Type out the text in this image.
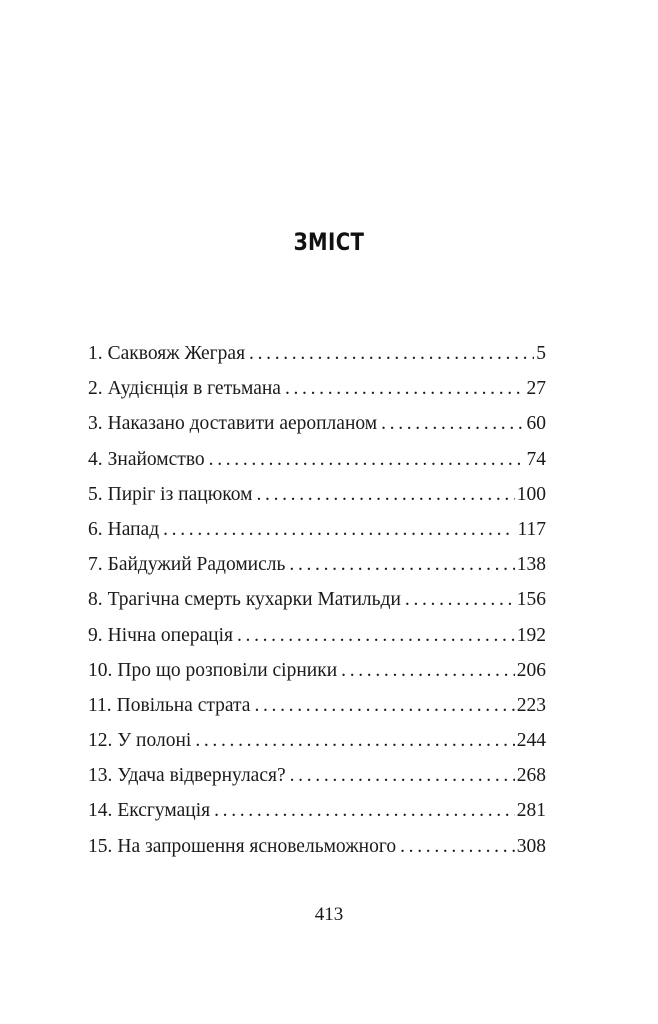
ЗМІСТ
1. Саквояж Жеграя . . .	5
2. Аудієнція в гетьмана . . .	27
3. Наказано доставити аеропланом . . .	60
4. Знайомство . . .	74
5. Пиріг із пацюком . . .	100
6. Напад . . .	117
7. Байдужий Радомисль . . .	138
8. Трагічна смерть кухарки Матильди . . .	156
9. Нічна операція . . .	192
10. Про що розповіли сірники . . .	206
11. Повільна страта . . .	223
12. У полоні . . .	244
13. Удача відвернулася? . . .	268
14. Ексгумація . . .	281
15. На запрошення ясновельможного . . .	308
413
